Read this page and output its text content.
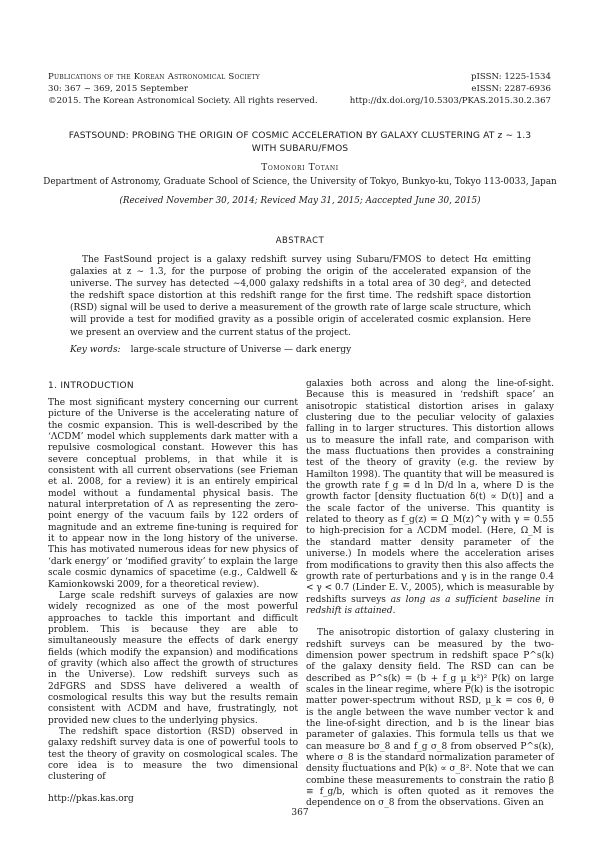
Publications of the Korean Astronomical Society
30: 367 ~ 369, 2015 September
©2015. The Korean Astronomical Society. All rights reserved.
pISSN: 1225-1534
eISSN: 2287-6936
http://dx.doi.org/10.5303/PKAS.2015.30.2.367
FASTSOUND: PROBING THE ORIGIN OF COSMIC ACCELERATION BY GALAXY CLUSTERING AT z ∼ 1.3
WITH SUBARU/FMOS
Tomonori Totani
Department of Astronomy, Graduate School of Science, the University of Tokyo, Bunkyo-ku, Tokyo 113-0033, Japan
(Received November 30, 2014; Reviced May 31, 2015; Aaccepted June 30, 2015)
ABSTRACT

The FastSound project is a galaxy redshift survey using Subaru/FMOS to detect Hα emitting galaxies at z ∼ 1.3, for the purpose of probing the origin of the accelerated expansion of the universe. The survey has detected ∼4,000 galaxy redshifts in a total area of 30 deg², and detected the redshift space distortion at this redshift range for the first time. The redshift space distortion (RSD) signal will be used to derive a measurement of the growth rate of large scale structure, which will provide a test for modified gravity as a possible origin of accelerated cosmic explansion. Here we present an overview and the current status of the project.

Key words: large-scale structure of Universe — dark energy
1. INTRODUCTION

The most significant mystery concerning our current picture of the Universe is the accelerating nature of the cosmic expansion. This is well-described by the ‘ΛCDM’ model which supplements dark matter with a repulsive cosmological constant. However this has severe conceptual problems, in that while it is consistent with all current observations (see Frieman et al. 2008, for a review) it is an entirely empirical model without a fundamental physical basis. The natural interpretation of Λ as representing the zero-point energy of the vacuum fails by 122 orders of magnitude and an extreme fine-tuning is required for it to appear now in the long history of the universe. This has motivated numerous ideas for new physics of ‘dark energy’ or ‘modified gravity’ to explain the large scale cosmic dynamics of spacetime (e.g., Caldwell & Kamionkowski 2009, for a theoretical review).

Large scale redshift surveys of galaxies are now widely recognized as one of the most powerful approaches to tackle this important and difficult problem. This is because they are able to simultaneously measure the effects of dark energy fields (which modify the expansion) and modifications of gravity (which also affect the growth of structures in the Universe). Low redshift surveys such as 2dFGRS and SDSS have delivered a wealth of cosmological results this way but the results remain consistent with ΛCDM and have, frustratingly, not provided new clues to the underlying physics.

The redshift space distortion (RSD) observed in galaxy redshift survey data is one of powerful tools to test the theory of gravity on cosmological scales. The core idea is to measure the two dimensional clustering of

galaxies both across and along the line-of-sight. Because this is measured in ‘redshift space’ an anisotropic statistical distortion arises in galaxy clustering due to the peculiar velocity of galaxies falling in to larger structures. This distortion allows us to measure the infall rate, and comparison with the mass fluctuations then provides a constraining test of the theory of gravity (e.g. the review by Hamilton 1998). The quantity that will be measured is the growth rate f_g ≡ d ln D/d ln a, where D is the growth factor [density fluctuation δ(t) ∝ D(t)] and a the scale factor of the universe. This quantity is related to theory as f_g(z) = Ω_M(z)^γ with γ = 0.55 to high-precision for a ΛCDM model. (Here, Ω_M is the standard matter density parameter of the universe.) In models where the acceleration arises from modifications to gravity then this also affects the growth rate of perturbations and γ is in the range 0.4 < γ < 0.7 (Linder E. V., 2005), which is measurable by redshifts surveys as long as a sufficient baseline in redshift is attained.

The anisotropic distortion of galaxy clustering in redshift surveys can be measured by the two-dimension power spectrum in redshift space P^s(k) of the galaxy density field. The RSD can can be described as P^s(k) = (b + f_g μ_k²)² P(k) on large scales in the linear regime, where P(k) is the isotropic matter power-spectrum without RSD, μ_k = cos θ, θ is the angle between the wave number vector k and the line-of-sight direction, and b is the linear bias parameter of galaxies. This formula tells us that we can measure bσ_8 and f_g σ_8 from observed P^s(k), where σ_8 is the standard normalization parameter of density fluctuations and P(k) ∝ σ_8². Note that we can combine these measurements to constrain the ratio β ≡ f_g/b, which is often quoted as it removes the dependence on σ_8 from the observations. Given an

http://pkas.kas.org
367
